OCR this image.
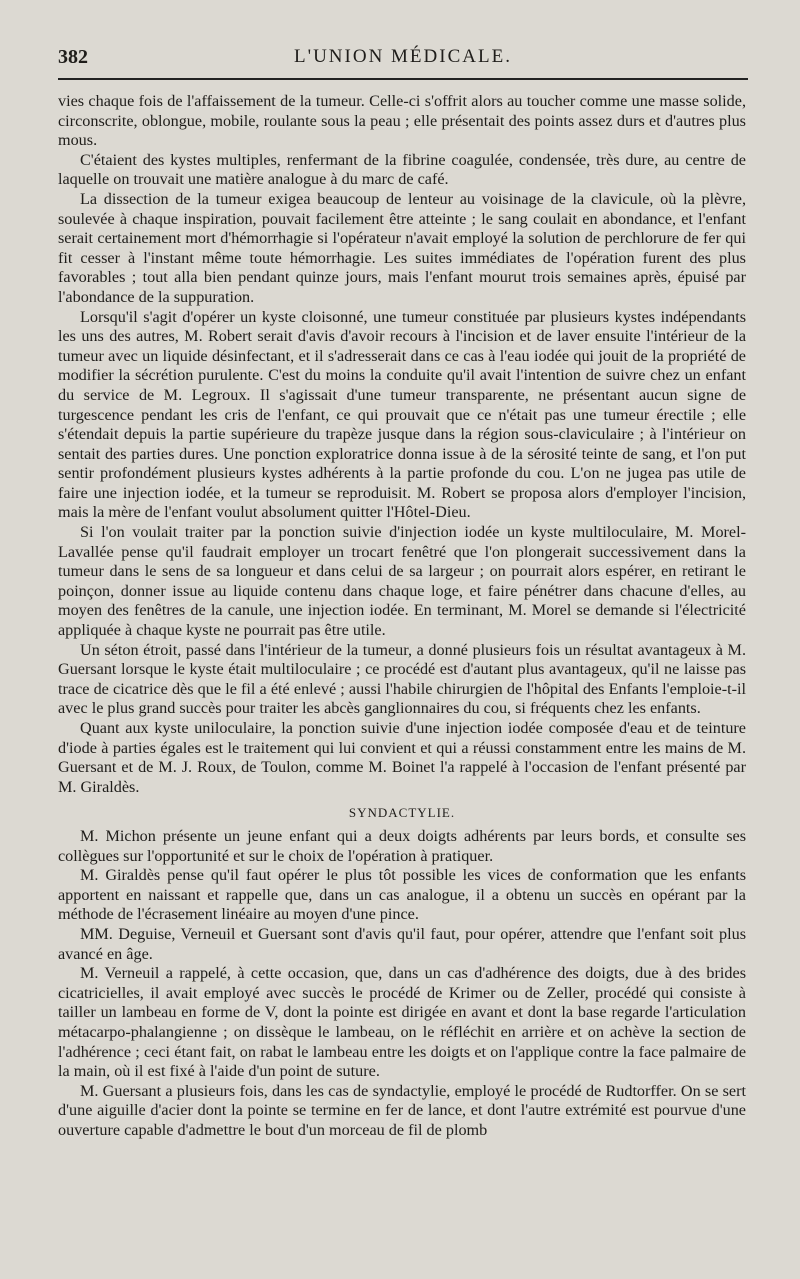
382	L'UNION MÉDICALE.

vies chaque fois de l'affaissement de la tumeur. Celle-ci s'offrit alors au toucher comme une masse solide, circonscrite, oblongue, mobile, roulante sous la peau ; elle présentait des points assez durs et d'autres plus mous.

C'étaient des kystes multiples, renfermant de la fibrine coagulée, condensée, très dure, au centre de laquelle on trouvait une matière analogue à du marc de café.

La dissection de la tumeur exigea beaucoup de lenteur au voisinage de la clavicule, où la plèvre, soulevée à chaque inspiration, pouvait facilement être atteinte ; le sang coulait en abondance, et l'enfant serait certainement mort d'hémorrhagie si l'opérateur n'avait employé la solution de perchlorure de fer qui fit cesser à l'instant même toute hémorrhagie. Les suites immédiates de l'opération furent des plus favorables ; tout alla bien pendant quinze jours, mais l'enfant mourut trois semaines après, épuisé par l'abondance de la suppuration.

Lorsqu'il s'agit d'opérer un kyste cloisonné, une tumeur constituée par plusieurs kystes indépendants les uns des autres, M. Robert serait d'avis d'avoir recours à l'incision et de laver ensuite l'intérieur de la tumeur avec un liquide désinfectant, et il s'adresserait dans ce cas à l'eau iodée qui jouit de la propriété de modifier la sécrétion purulente. C'est du moins la conduite qu'il avait l'intention de suivre chez un enfant du service de M. Legroux. Il s'agissait d'une tumeur transparente, ne présentant aucun signe de turgescence pendant les cris de l'enfant, ce qui prouvait que ce n'était pas une tumeur érectile ; elle s'étendait depuis la partie supérieure du trapèze jusque dans la région sous-claviculaire ; à l'intérieur on sentait des parties dures. Une ponction exploratrice donna issue à de la sérosité teinte de sang, et l'on put sentir profondément plusieurs kystes adhérents à la partie profonde du cou. L'on ne jugea pas utile de faire une injection iodée, et la tumeur se reproduisit. M. Robert se proposa alors d'employer l'incision, mais la mère de l'enfant voulut absolument quitter l'Hôtel-Dieu.

Si l'on voulait traiter par la ponction suivie d'injection iodée un kyste multiloculaire, M. Morel-Lavallée pense qu'il faudrait employer un trocart fenêtré que l'on plongerait successivement dans la tumeur dans le sens de sa longueur et dans celui de sa largeur ; on pourrait alors espérer, en retirant le poinçon, donner issue au liquide contenu dans chaque loge, et faire pénétrer dans chacune d'elles, au moyen des fenêtres de la canule, une injection iodée. En terminant, M. Morel se demande si l'électricité appliquée à chaque kyste ne pourrait pas être utile.

Un séton étroit, passé dans l'intérieur de la tumeur, a donné plusieurs fois un résultat avantageux à M. Guersant lorsque le kyste était multiloculaire ; ce procédé est d'autant plus avantageux, qu'il ne laisse pas trace de cicatrice dès que le fil a été enlevé ; aussi l'habile chirurgien de l'hôpital des Enfants l'emploie-t-il avec le plus grand succès pour traiter les abcès ganglionnaires du cou, si fréquents chez les enfants.

Quant aux kyste uniloculaire, la ponction suivie d'une injection iodée composée d'eau et de teinture d'iode à parties égales est le traitement qui lui convient et qui a réussi constamment entre les mains de M. Guersant et de M. J. Roux, de Toulon, comme M. Boinet l'a rappelé à l'occasion de l'enfant présenté par M. Giraldès.

SYNDACTYLIE.

M. Michon présente un jeune enfant qui a deux doigts adhérents par leurs bords, et consulte ses collègues sur l'opportunité et sur le choix de l'opération à pratiquer.

M. Giraldès pense qu'il faut opérer le plus tôt possible les vices de conformation que les enfants apportent en naissant et rappelle que, dans un cas analogue, il a obtenu un succès en opérant par la méthode de l'écrasement linéaire au moyen d'une pince.

MM. Deguise, Verneuil et Guersant sont d'avis qu'il faut, pour opérer, attendre que l'enfant soit plus avancé en âge.

M. Verneuil a rappelé, à cette occasion, que, dans un cas d'adhérence des doigts, due à des brides cicatricielles, il avait employé avec succès le procédé de Krimer ou de Zeller, procédé qui consiste à tailler un lambeau en forme de V, dont la pointe est dirigée en avant et dont la base regarde l'articulation métacarpo-phalangienne ; on dissèque le lambeau, on le réfléchit en arrière et on achève la section de l'adhérence ; ceci étant fait, on rabat le lambeau entre les doigts et on l'applique contre la face palmaire de la main, où il est fixé à l'aide d'un point de suture.

M. Guersant a plusieurs fois, dans les cas de syndactylie, employé le procédé de Rudtorffer. On se sert d'une aiguille d'acier dont la pointe se termine en fer de lance, et dont l'autre extrémité est pourvue d'une ouverture capable d'admettre le bout d'un morceau de fil de plomb
